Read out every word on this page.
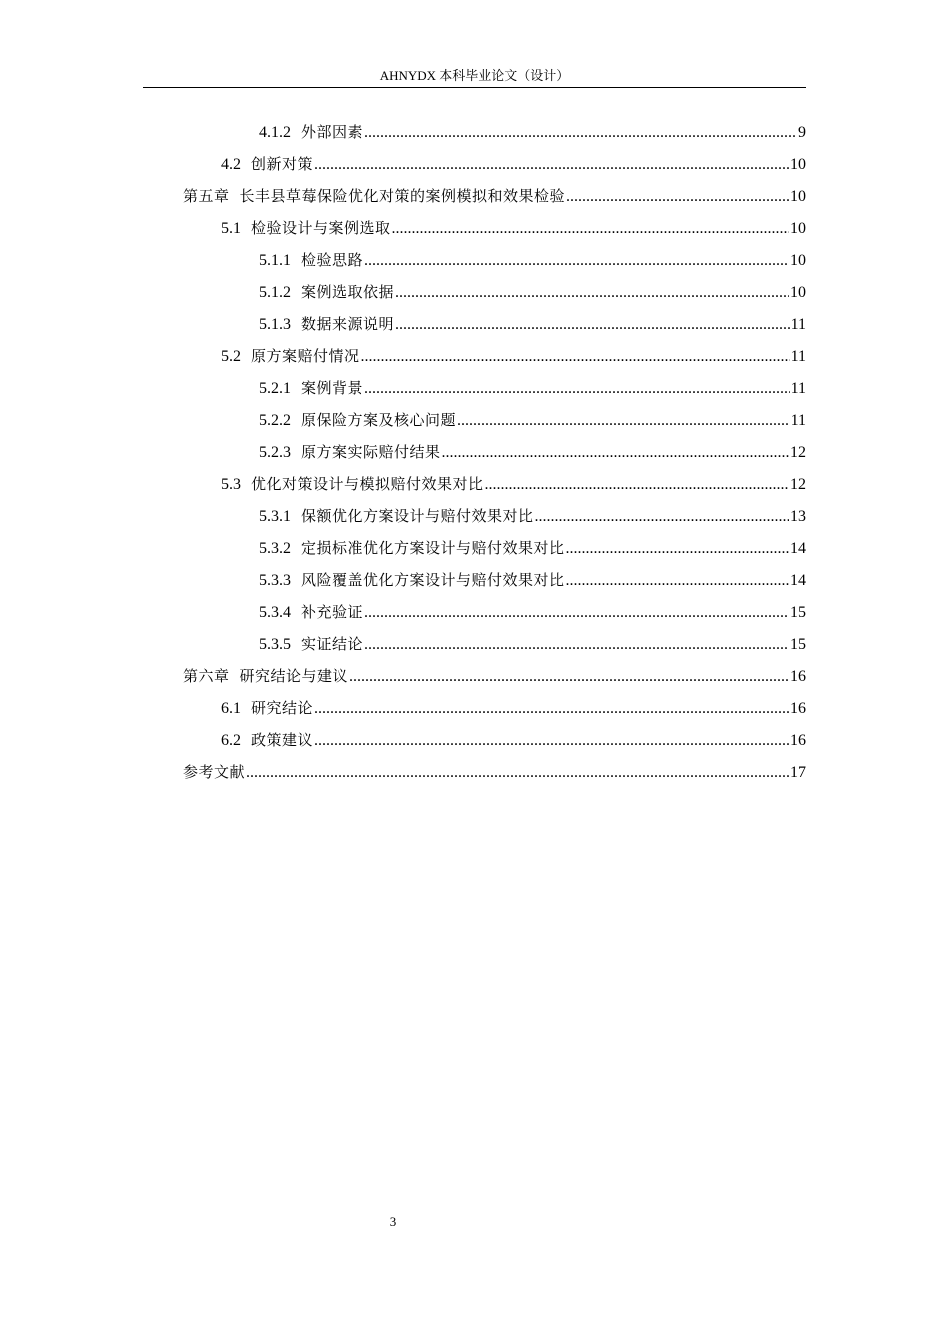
AHNYDX 本科毕业论文（设计）
4.1.2 外部因素 .....	9
4.2 创新对策 .....	10
第五章 长丰县草莓保险优化对策的案例模拟和效果检验 .....	10
5.1 检验设计与案例选取 .....	10
5.1.1 检验思路 .....	10
5.1.2 案例选取依据 .....	10
5.1.3 数据来源说明 .....	11
5.2 原方案赔付情况 .....	11
5.2.1 案例背景 .....	11
5.2.2 原保险方案及核心问题 .....	11
5.2.3 原方案实际赔付结果 .....	12
5.3 优化对策设计与模拟赔付效果对比 .....	12
5.3.1 保额优化方案设计与赔付效果对比 .....	13
5.3.2 定损标准优化方案设计与赔付效果对比 .....	14
5.3.3 风险覆盖优化方案设计与赔付效果对比 .....	14
5.3.4 补充验证 .....	15
5.3.5 实证结论 .....	15
第六章 研究结论与建议 .....	16
6.1 研究结论 .....	16
6.2 政策建议 .....	16
参考文献 .....	17
3
